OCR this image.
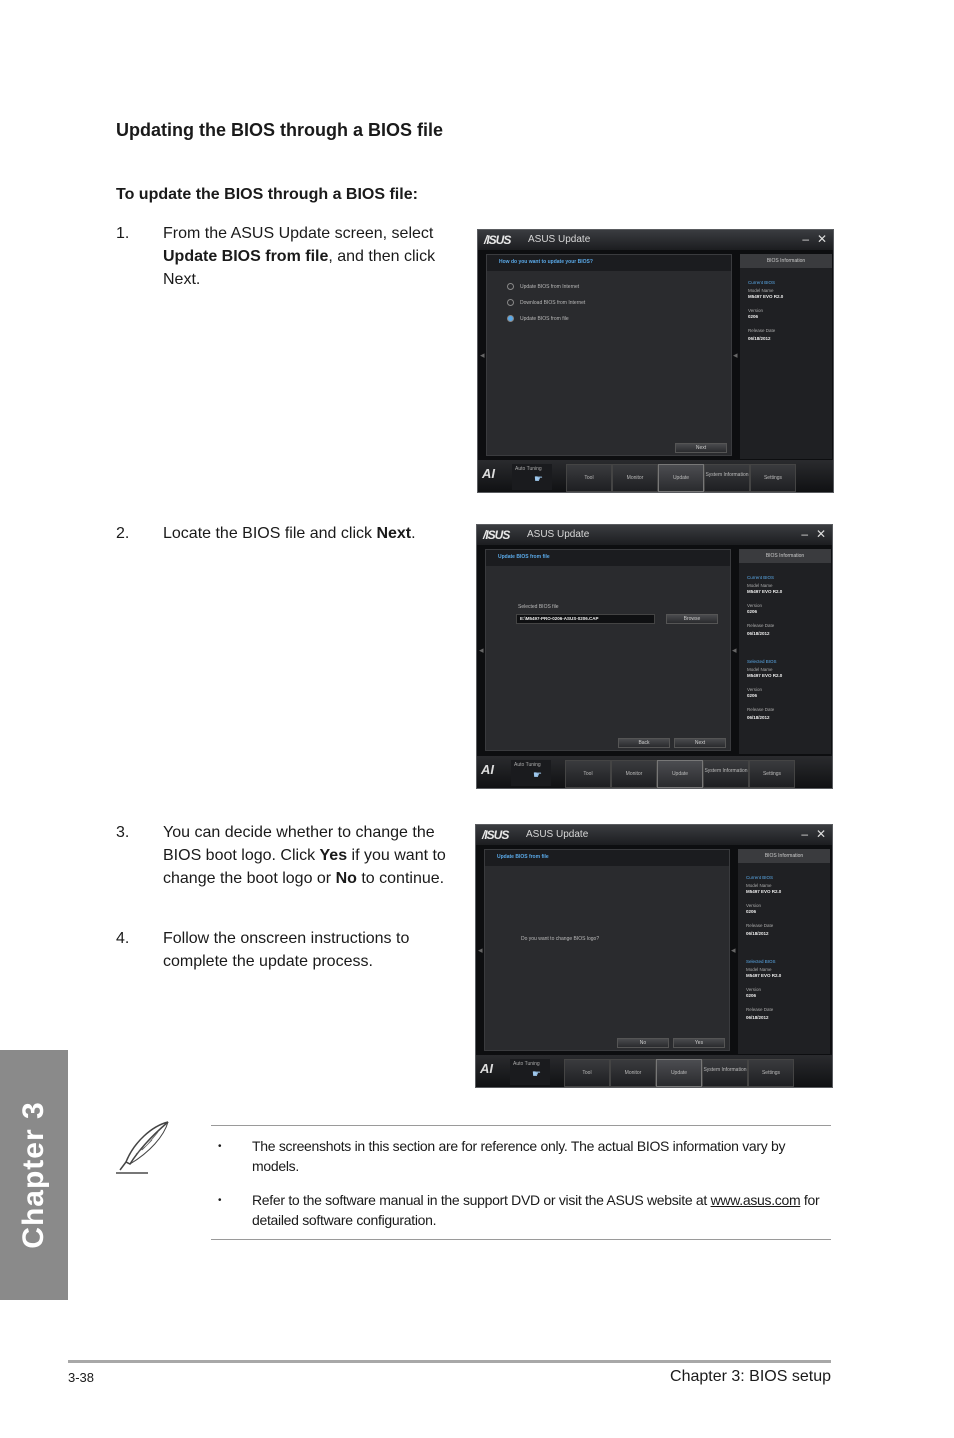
Updating the BIOS through a BIOS file
To update the BIOS through a BIOS file:
1. From the ASUS Update screen, select Update BIOS from file, and then click Next.
2. Locate the BIOS file and click Next.
3. You can decide whether to change the BIOS boot logo. Click Yes if you want to change the boot logo or No to continue.
4. Follow the onscreen instructions to complete the update process.
/ISUS ASUS Update	– ✕
How do you want to update your BIOS?
Update BIOS from Internet
Download BIOS from Internet
Update BIOS from file
Next
◂	◂
BIOS Information
Current BIOS
Model Name
M5497 EVO R2.0
Version
0206
Release Date
06/18/2012
AI	Auto Tuning
☛	Tool	Monitor	Update	System Information	Settings
/ISUS ASUS Update	– ✕
Update BIOS from file
Selected BIOS file
E:\M5497-PRO-0206-ASUS-0206.CAP	Browse
Back	Next
◂	◂
BIOS Information
Current BIOS
Model Name
M5497 EVO R2.0
Version
0206
Release Date
06/18/2012
Selected BIOS
Model Name
M5497 EVO R2.0
Version
0206
Release Date
06/18/2012
AI	Auto Tuning
☛	Tool	Monitor	Update	System Information	Settings
/ISUS ASUS Update	– ✕
Update BIOS from file
Do you want to change BIOS logo?
No	Yes
◂	◂
BIOS Information
Current BIOS
Model Name
M5497 EVO R2.0
Version
0206
Release Date
06/18/2012
Selected BIOS
Model Name
M5497 EVO R2.0
Version
0206
Release Date
06/18/2012
AI	Auto Tuning
☛	Tool	Monitor	Update	System Information	Settings
Chapter 3	• The screenshots in this section are for reference only. The actual BIOS information vary by models.
• Refer to the software manual in the support DVD or visit the ASUS website at www.asus.com for detailed software configuration.
3-38	Chapter 3: BIOS setup
